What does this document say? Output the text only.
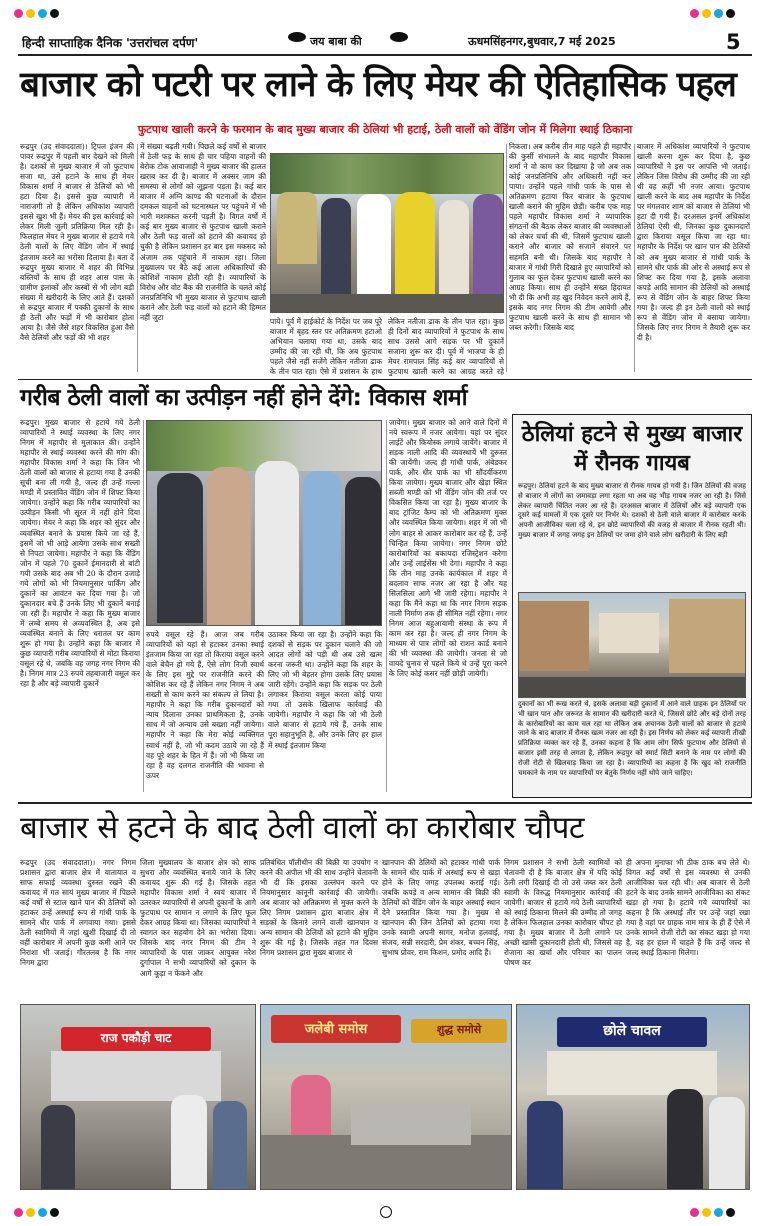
हिन्दी साप्ताहिक दैनिक 'उत्तरांचल दर्पण'	जय बाबा की	ऊधमसिंहनगर,बुधवार,7 मई 2025	5
बाजार को पटरी पर लाने के लिए मेयर की ऐतिहासिक पहल
फुटपाथ खाली करने के फरमान के बाद मुख्य बाजार की ठेलियां भी हटाई, ठेली वालों को वेंडिंग जोन में मिलेगा स्थाई ठिकाना
रूद्रपुर (उद संवाददाता)। ट्रिपल इंजन की पावर रूद्रपुर में पहली बार देखने को मिली है। दशकों से मुख्य बाजार में जो फुटपाथ सजा था, उसे हटाने के साथ ही मेयर विकास शर्मा ने बाजार से ठेलियों को भी हटा दिया है। इससे कुछ व्यापारी में नाराजगी तो है लेकिन अधिकांश व्यापारी इससे खुश भी हैं। मेयर की इस कार्रवाई को लेकर मिली जुली प्रतिक्रिया मिल रही है। फिलहाल मेयर ने मुख्य बाजार से हटाये गये ठेली वालों के लिए वेंडिंग जोन में स्थाई इंतजाम करने का भरोसा दिलाया है। बता दें रूद्रपुर मुख्य बाजार में शहर की विभिन्न बस्तियों के साथ ही शहर आस पास के ग्रामीण इलाकों और कस्बों से भी लोग बड़ी संख्या में खरीदारी के लिए आते हैं। दशकों से रूद्रपुर बाजार में पक्की दुकानों के साथ ही ठेली और फड़ों में भी कारोबार होता आया है। जैसे जैसे शहर विकसित हुआ वैसे वैसे ठेलियों और फड़ों की भी शहर
में संख्या बढ़ती गयी। पिछले कई वर्षों से बाजार में ठेली फड़ के साथ ही चार पहिया वाहनों की बेरोक टोक आवाजाही ने मुख्य बाजार की हालत खराब कर दी है। बाजार में अक्सर जाम की समस्या से लोगों को जूझना पड़ता है। कई बार बाजार में अग्नि काण्ड की घटनाओं के दौरान दमकल वाहनों को घटनास्थल पर पहुंचने में भी भारी मशक्कत करनी पड़ती है। विगत वर्षों में कई बार मुख्य बाजार से फुटपाथ खाली कराने और ठेली फड़ वालों को हटाने की कवायद हो चुकी है लेकिन प्रशासन हर बार इस मकसद को अंजाम तक पहुंचाने में नाकाम रहा। जिला मुख्यालय पर बैठे कई आला अधिकारियों की कोशिशें नाकाम होती रही है। व्यापारियों के विरोध और वोट बैंक की राजनीति के चलते कोई जनप्रतिनिधि भी मुख्य बाजार से फुटपाथ खाली कराने और ठेली फड़ वालों को हटाने की हिम्मत नहीं जुटा	पाये। पूर्व में हाईकोर्ट के निर्देश पर जब पूरे बाजार में बृहद स्तर पर अतिक्रमण हटाओ अभियान चलाया गया था, उसके बाद उम्मीद की जा रही थी, कि अब फुटपाथ पहले जैसे नहीं सजेंगे लेकिन नतीजा ढाक के तीन पात रहा। ऐसे में प्रशासन के हाथ
लेकिन नतीजा ढाक के तीन पात रहा। कुछ ही दिनों बाद व्यापारियों ने फुटपाथ के साथ साथ उससे आगे सड़क पर भी दुकानें सजाना शुरू कर दी। पूर्व में भाजपा के ही मेयर रामपाल सिंह कई बार व्यापारियों से फुटपाथ खाली करने का आग्रह करते रहे
निकला। अब करीब तीन माह पहले ही महापौर की कुर्सी संभालने के बाद महापौर विकास शर्मा ने वो काम कर दिखाया है जो अब तक कोई जनप्रतिनिधि और अधिकारी नहीं कर पाया। उन्होंने पहले गांधी पार्क के पास से अतिक्रमण हटाया फिर बाजार के फुटपाथ खाली कराने की मुहिम छेड़ी। करीब एक माह पहले महापौर विकास शर्मा ने व्यापारिक संगठनों की बैठक लेकर बाजार की व्यवस्थाओं को लेकर चर्चा की थी, जिसमें फुटपाथ खाली कराने और बाजार को सजाने संवारने पर सहमति बनी थी। जिसके बाद महापौर ने बाजार में गांधी गिरी दिखाते हुए व्यापारियों को गुलाब का फूल देकर फुटपाथ खाली करने का आग्रह किया। साथ ही उन्होंने सख्त हिदायत भी दी कि अभी वह खुद निवेदन करने आये हैं, इसके बाद नगर निगम की टीम आयेगी और फुटपाथ खाली करने के साथ ही सामान भी जब्त करेगी। जिसके बाद
बाजार में अधिकांश व्यापारियों ने फुटपाथ खाली करना शुरू कर दिया है, कुछ व्यापारियों ने इस पर आपत्ति भी जताई। लेकिन जिस विरोध की उम्मीद की जा रही थी वह कहीं भी नजर आया। फुटपाथ खाली करने के बाद अब महापौर के निर्देश पर मंगलवार शाम को बाजार से ठेलियां भी हटा दी गयी हैं। दरअसल इनमें अधिकांश ठेलियां ऐसी थी, जिनका कुछ दुकानदारों द्वारा किराया वसूल किया जा रहा था। महापौर के निर्देश पर खान पान की ठेलियों को अब मुख्य बाजार से गांधी पार्क के सामने धीर पार्क की ओर से अस्थाई रूप से शिफ्ट कर दिया गया है, इसके अलावा कपड़े आदि सामान की ठेलियों को अस्थाई रूप से वेंडिंग जोन के बाहर शिफ्ट किया गया है। जल्द ही इन ठेली वालों को स्थाई रूप से वेंडिंग जोन में बसाया जायेगा। जिसके लिए नगर निगम ने तैयारी शुरू कर दी है।
गरीब ठेली वालों का उत्पीड़न नहीं होने देंगे: विकास शर्मा
रूद्रपुर। मुख्य बाजार से हटाये गये ठेली व्यापारियों ने स्थाई व्यवस्था के लिए नगर निगम में महापौर से मुलाकात की। उन्होंने महापौर से स्थाई व्यवस्था करने की मांग की। महापौर विकास शर्मा ने कहा कि जिन भी ठेली वालों को बाजार से हटाया गया है उनकी सूची बना ली गयी है, जल्द ही उन्हें गल्ला मण्डी में प्रस्तावित वेंडिंग जोन में शिफ्ट किया जायेगा। उन्होंने कहा कि गरीब व्यापारियों का उत्पीड़न किसी भी सूरत में नहीं होने दिया जायेगा। मेयर ने कहा कि शहर को सुंदर और व्यवस्थित बनाने के प्रयास किये जा रहे हैं, इसमें जो भी आड़े आयेगा उसके साथ सख्ती से निपटा जायेगा। महापौर ने कहा कि वेंडिंग जोन में पहले 70 दुकानें ईमानदारी से बांटी गयी उसके बाद अब भी 20 के दौरान उजाड़े गये लोगों को भी नियमानुसार पार्किंग और दुकानें का आवंटन कर दिया गया है। जो दुकानदार बचे हैं उनके लिए भी दुकानें बनाई जा रही हैं। महापौर ने कहा कि मुख्य बाजार में लम्बे समय से अव्यवस्थित है, अब इसे व्यवस्थित बनाने के लिए धरातल पर काम शुरू हो गया है। उन्होंने कहा कि बाजार में कुछ व्यापारी गरीब व्यापारियों से मोटा किराया वसूल रहे थे, जबकि वह जगह नगर निगम की है। निगम मात्र 23 रुपये तहबाजारी वसूल कर रहा है और बड़े व्यापारी दुकानें
रुपये वसूल रहे हैं। आज जब गरीब व्यापारियों को यहां से हटाकर उनका स्थाई इंतजाम किया जा रहा तो किराया वसूल करने वाले बेचैन हो गये हैं, ऐसे लोग निजी स्वार्थ के लिए इस मुद्दे पर राजनीति करने की कोशिश कर रहे हैं लेकिन नगर निगम ने अब सख्ती से काम करने का संकल्प ले लिया है। महापौर ने कहा कि गरीब दुकानदारों को न्याय दिलाना उनका प्राथमिकता है, उनके साथ में जो अन्याय उसे बख्शा नहीं जायेगा। महापौर ने कहा कि मेरा कोई व्यक्तिगत स्वार्थ नहीं है, जो भी कदम उठाये जा रहे हैं वह पूरे शहर के हित में हैं। जो भी किया जा रहा है वह दलगत राजनीति की भावना से ऊपर
उठाकर किया जा रहा है। उन्होंने कहा कि दशकों से सड़क पर दुकान चलाने की जो आदत लोगों को पड़ी थी अब उसे खत्म करना जरूरी था। उन्होंने कहा कि शहर के लिए जो भी बेहतर होगा उसके लिए प्रयास जारी रहेंगे। उन्होंने कहा कि सड़क पर ठेली लगाकर किराया वसूल करता कोई पाया गया तो उसके खिलाफ कार्रवाई की जायेगी। महापौर ने कहा कि जो भी ठेली वाले बाजार से हटाये गये हैं, उनके साथ पूरा सहानुभूति है, और उनके लिए हर हाल में स्थाई इंतजाम किया
जायेगा। मुख्य बाजार को आने वाले दिनों में नये स्वरूप में नजर आयेगा। यहां पर सुंदर लाईटें और कियोस्क लगाये जायेंगे। बाजार में सड़क नाली आदि की व्यवस्थायें भी दुरूस्त की जायेंगी। जल्द ही गांधी पार्क, अंबेडकर पार्क, और धीर पार्क का भी सौंदर्यीकरण किया जायेगा। मुख्य बाजार और खेड़ा स्थित सब्जी मण्डी को भी वेंडिंग जोन की तर्ज पर विकसित किया जा रहा है। मुख्य बाजार के बाद ट्रांजिट कैम्प को भी अतिक्रमण मुक्त और व्यवस्थित किया जायेगा। शहर में जो भी लोग बाहर से आकर कारोबार कर रहे हैं, उन्हें चिन्हित किया जायेगा। नगर निगम छोटे कारोबारियों का बकायदा रजिस्ट्रेशन करेगा और उन्हें लाईसेंस भी देगा। महापौर ने कहा कि तीन माह उनके कार्यकाल में शहर में बदलाव साफ नजर आ रहा है और यह सिलसिला आगे भी जारी रहेगा। महापौर ने कहा कि मैंने कहा था कि नगर निगम सड़क नाली निर्माण तक ही सीमित नहीं रहेगा। नगर निगम आज बहुआयामी संस्था के रूप में काम कर रहा है। जल्द ही नगर निगम के माध्यम से पात्र लोगों को राशन कार्ड बनाने की भी व्यवस्था की जायेगी। जनता से जो वायदे चुनाव से पहले किये थे उन्हें पूरा करने के लिए कोई कसर नहीं छोड़ी जायेगी।
ठेलियां हटने से मुख्य बाजार में रौनक गायब
रूद्रपुर। ठेलियां हटने के बाद मुख्य बाजार से रौनक गायब हो गयी है। जिन ठेलियों की वजह से बाजार में लोगों का जमावड़ा लगा रहता था अब वह भीड़ गायब नजर आ रही है। जिसे लेकर व्यापारी चिंतित नजर आ रहे हैं। दरअसल बाजार में ठेलियों और बड़े व्यापारी एक दूसरे कई मामलों में एक दूसरे पर निर्भर थे। दशकों से ठेली वाले बाजार में कारोबार करके अपनी आजीविका चला रहे थे, इन छोटे व्यापारियों की वजह से बाजार में रौनक रहती थी। मुख्य बाजार में जगह जगह इन ठेलियों पर जमा होने वाले लोग खरीदारी के लिए बड़ी
दुकानों का भी रूख करते थे, इसके अलावा बड़ी दुकानों में आने वाले ग्राहक इन ठेलियों पर भी खान पान और जरूरत के सामान की खरीदारी करते थे, जिससे छोटे और बड़े दोनों तरह के कारोबारियों का काम चल रहा था लेकिन अब अचानक ठेली वालों को बाजार से हटाये जाने के बाद बाजार में रौनक खत्म नजर आ रही है। इस निर्णय को लेकर कई व्यापारी तीखी प्रतिक्रिया व्यक्त कर रहे हैं, उनका कहना है कि आम लोग सिर्फ फुटपाथ और ठेलियों से बाजार इसी तरह से लगता है, लेकिन रूद्रपुर को स्मार्ट सिटी बनाने के नाम पर लोगों की रोजी रोटी से खिलवाड़ किया जा रहा है। व्यापारियों का कहना है कि खुद को राजनीति चमकाने के नाम पर व्यापारियों पर बेतुके निर्णय नहीं थोपे जाने चाहिए।
बाजार से हटने के बाद ठेली वालों का कारोबार चौपट
रूद्रपुर (उद संवाददाता)। नगर निगम प्रशासन द्वारा बाजार क्षेत्र में यातायात व साफ सफाई व्यवस्था दुरुस्त रखने की कवायद में गत सायं मुख्य बाजार में पिछले कई वर्षों से स्टाल खाने पान की ठेलियों को हटाकर उन्हें अस्थाई रूप से गांधी पार्क के सामने धीर पार्क में लगवाया गया। इससे ठेली स्वामियों में जहां खुशी दिखाई दी तो वहीं कारोबार में अपनी कुछ कमी आने पर निराशा भी जताई। गौरतलब है कि नगर निगम द्वारा
जिला मुख्यालय के बाजार क्षेत्र को साफ सुथरा और व्यवस्थित बनाये जाने के लिए कवायद शुरू की गई है। जिसके तहत महापौर विकास शर्मा ने स्वयं बाजार में उतरकर व्यापारियों से अपनी दुकानों के आगे फुटपाथ पर सामान न लगाने के लिए फूल देकर आग्रह किया था। जिसका व्यापारियों ने स्वागत कर सहयोग देने का भरोसा दिया। जिसके बाद नगर निगम की टीम ने व्यापारियों के पास जाकर आयुक्त नरेश दुर्गापाल ने सभी व्यापारियों को दुकान के आगे कूड़ा न फेंकने और
प्रतिबंधित पॉलीथीन की बिक्री या उपयोग न करने की अपील भी की साथ उन्होंने चेतावनी भी दी कि इसका उल्लंघन करने पर नियमानुसार कानूनी कार्रवाई की जायेगी। अब बाजार को अतिक्रमण से मुक्त करने के लिए निगम प्रशासन द्वारा बाजार क्षेत्र में सड़कों के किनारे लगने वाली खानपान व अन्य सामान की ठेलियों को हटाने की मुहिम शुरू की गई है। जिसके तहत गत दिवस निगम प्रशासन द्वारा मुख्य बाजार से
खानपान की ठेलियों को हटाकर गांधी पार्क के सामने धीर पार्क में अस्थाई रूप से खड़ा होने के लिए जगह उपलब्ध कराई गई। जबकि कपड़े व अन्य सामान की बिक्री की ठेलियों को वेंडिंग जोन के बाहर अस्थाई स्थान देने प्रस्तावित किया गया है। मुख्य से खानपान की जिन ठेलियों को हटाया गया उनके स्वामी अपनी सागर, मनोज हलवाई, संजय, सन्नी सरदारी, प्रेम शंकर, बच्चन सिंह, सुभाष प्रोवर, राम किशन, प्रमोद आदि हैं।
निगम प्रशासन ने सभी ठेली स्वामियों को चेतावनी दी है कि बाजार क्षेत्र में यदि कोई ठेली लगी दिखाई दी तो उसे जब्त कर ठेली स्वामी के विरुद्ध नियमानुसार कार्रवाई की जायेगी। बाजार से हटाये गये ठेली व्यापारियों को स्थाई ठिकाना मिलने की उम्मीद तो जगह है लेकिन फिलहाल उनका कारोबार चौपट हो गया है। मुख्य बाजार में ठेली लगाने पर अच्छी खासी दुकानदारी होती थी, जिससे वह रोजाना का खर्चा और परिवार का पालन पोषण कर
ही अपना मुनाफा भी ठीक ठाक बच लेते थे। विगत कई वर्षों से इस व्यवस्था से उनकी आजीविका चल रही थी। अब बाजार से ठेली हटने के बाद उनके सामने आजीविका का संकट खड़ा हो गया है। हटाये गये व्यापारियों का कहना है कि अस्थाई तौर पर उन्हें जहां रखा गया है वहां पर ग्राहक नाम मात्र के ही हैं ऐसे में उनके सामने रोजी रोटी का संकट खड़ा हो गया है, वह हर हाल में चाहते हैं कि उन्हें जल्द से जल्द स्थाई ठिकाना मिलेगा।
राज पकौड़ी चाट
जलेबी समोस	शुद्ध समोसे	छोले चावल
